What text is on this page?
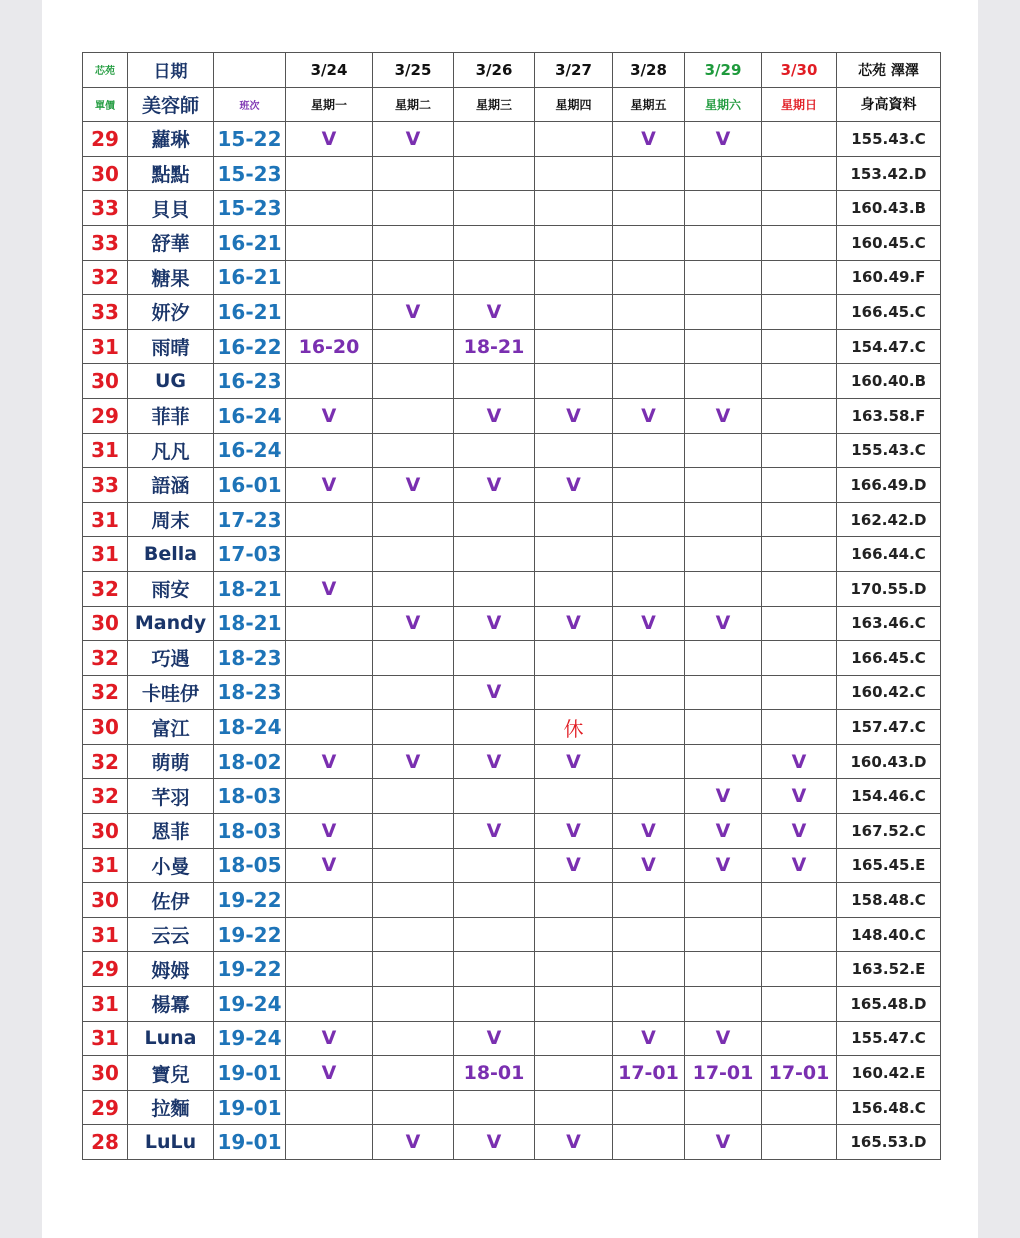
芯苑	日期		3/24	3/25	3/26	3/27	3/28	3/29	3/30	芯苑 澤澤
單價	美容師	班次	星期一	星期二	星期三	星期四	星期五	星期六	星期日	身高資料
29	蘿琳	15-22	V	V			V	V		155.43.C
30	點點	15-23								153.42.D
33	貝貝	15-23								160.43.B
33	舒華	16-21								160.45.C
32	糖果	16-21								160.49.F
33	妍汐	16-21		V	V					166.45.C
31	雨晴	16-22	16-20		18-21					154.47.C
30	UG	16-23								160.40.B
29	菲菲	16-24	V		V	V	V	V		163.58.F
31	凡凡	16-24								155.43.C
33	語涵	16-01	V	V	V	V				166.49.D
31	周末	17-23								162.42.D
31	Bella	17-03								166.44.C
32	雨安	18-21	V							170.55.D
30	Mandy	18-21		V	V	V	V	V		163.46.C
32	巧遇	18-23								166.45.C
32	卡哇伊	18-23			V					160.42.C
30	富江	18-24				休				157.47.C
32	萌萌	18-02	V	V	V	V			V	160.43.D
32	芊羽	18-03						V	V	154.46.C
30	恩菲	18-03	V		V	V	V	V	V	167.52.C
31	小曼	18-05	V			V	V	V	V	165.45.E
30	佐伊	19-22								158.48.C
31	云云	19-22								148.40.C
29	姆姆	19-22								163.52.E
31	楊冪	19-24								165.48.D
31	Luna	19-24	V		V		V	V		155.47.C
30	寶兒	19-01	V		18-01		17-01	17-01	17-01	160.42.E
29	拉麵	19-01								156.48.C
28	LuLu	19-01		V	V	V		V		165.53.D
